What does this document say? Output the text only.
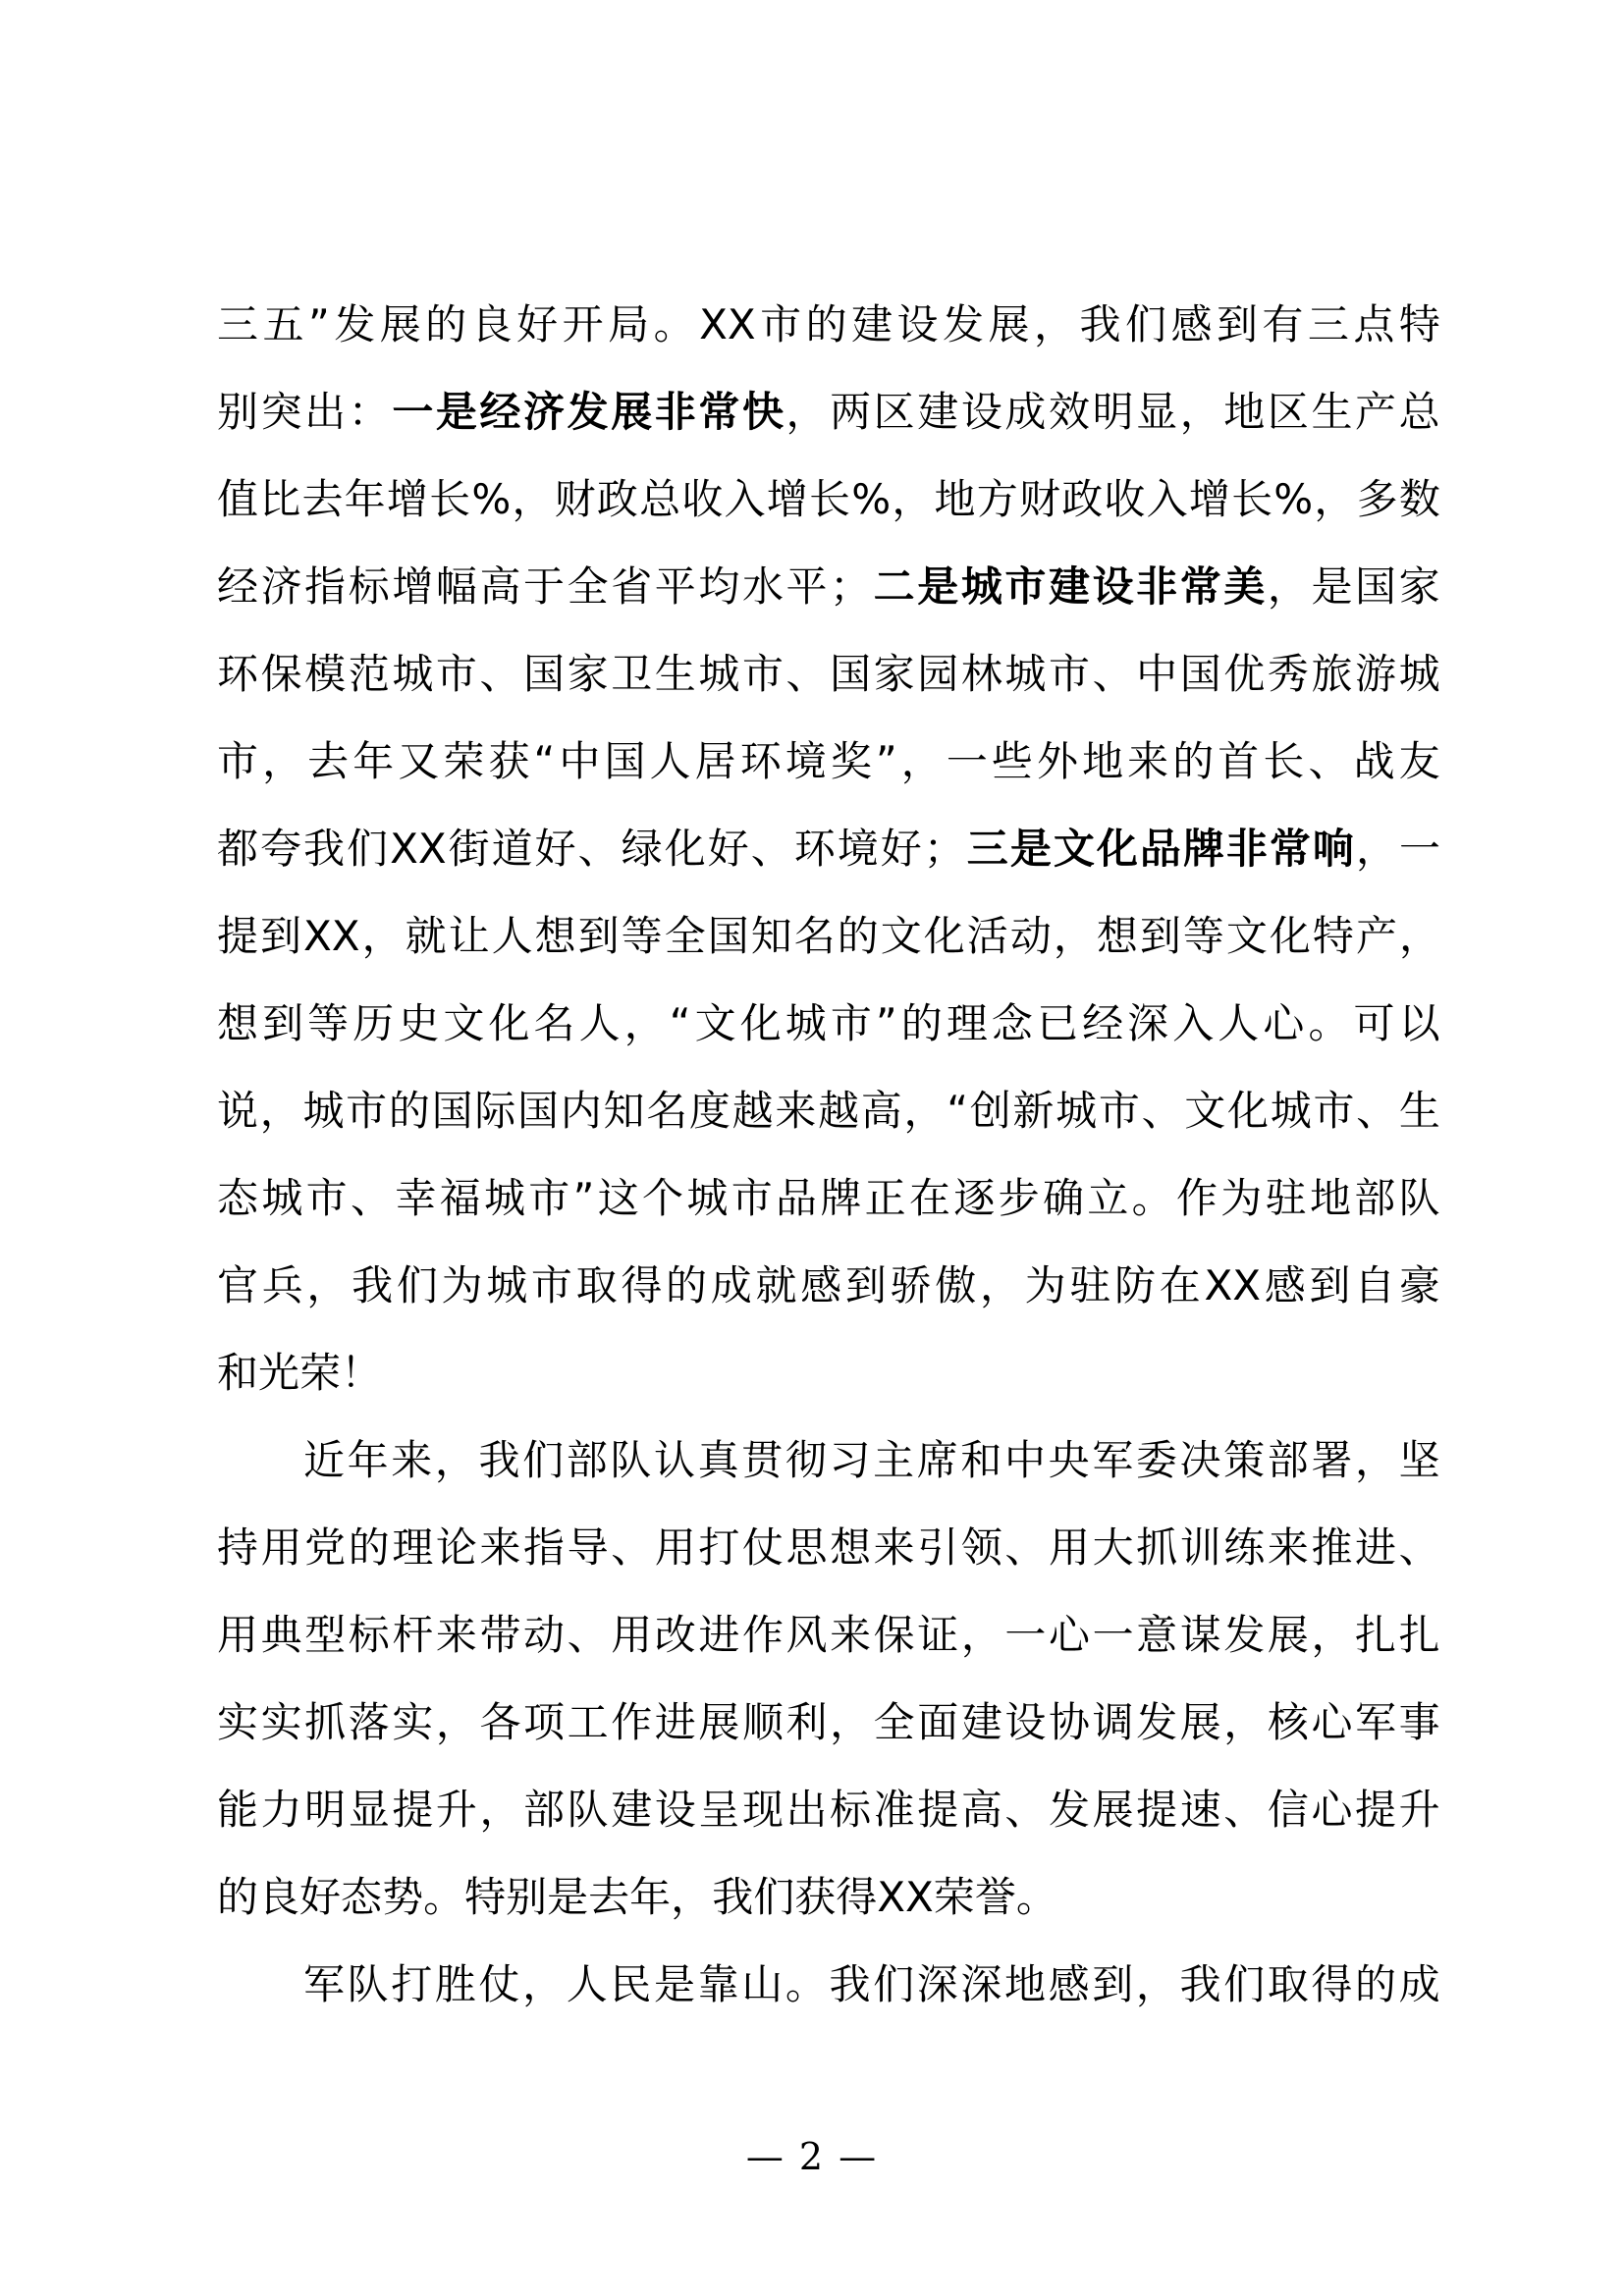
三 五 ” 发 展 的 良 好 开 局 。 XX 市 的 建 设 发 展 ， 我 们 感 到 有 三 点 特
别 突 出 ： 一 是 经 济 发 展 非 常 快 ， 两 区 建 设 成 效 明 显 ， 地 区 生 产 总
值 比 去 年 增 长 % ， 财 政 总 收 入 增 长 % ， 地 方 财 政 收 入 增 长 % ， 多 数
经 济 指 标 增 幅 高 于 全 省 平 均 水 平 ； 二 是 城 市 建 设 非 常 美 ， 是 国 家
环 保 模 范 城 市 、 国 家 卫 生 城 市 、 国 家 园 林 城 市 、 中 国 优 秀 旅 游 城
市 ， 去 年 又 荣 获 “ 中 国 人 居 环 境 奖 ” ， 一 些 外 地 来 的 首 长 、 战 友
都 夸 我 们 XX 街 道 好 、 绿 化 好 、 环 境 好 ； 三 是 文 化 品 牌 非 常 响 ， 一
提 到 XX ， 就 让 人 想 到 等 全 国 知 名 的 文 化 活 动 ， 想 到 等 文 化 特 产 ，
想 到 等 历 史 文 化 名 人 ， “ 文 化 城 市 ” 的 理 念 已 经 深 入 人 心 。 可 以
说 ， 城 市 的 国 际 国 内 知 名 度 越 来 越 高 ， “ 创 新 城 市 、 文 化 城 市 、 生
态 城 市 、 幸 福 城 市 ” 这 个 城 市 品 牌 正 在 逐 步 确 立 。 作 为 驻 地 部 队
官 兵 ， 我 们 为 城 市 取 得 的 成 就 感 到 骄 傲 ， 为 驻 防 在 XX 感 到 自 豪
和 光 荣 ！
近 年 来 ， 我 们 部 队 认 真 贯 彻 习 主 席 和 中 央 军 委 决 策 部 署 ， 坚
持 用 党 的 理 论 来 指 导 、 用 打 仗 思 想 来 引 领 、 用 大 抓 训 练 来 推 进 、
用 典 型 标 杆 来 带 动 、 用 改 进 作 风 来 保 证 ， 一 心 一 意 谋 发 展 ， 扎 扎
实 实 抓 落 实 ， 各 项 工 作 进 展 顺 利 ， 全 面 建 设 协 调 发 展 ， 核 心 军 事
能 力 明 显 提 升 ， 部 队 建 设 呈 现 出 标 准 提 高 、 发 展 提 速 、 信 心 提 升
的 良 好 态 势 。 特 别 是 去 年 ， 我 们 获 得 XX 荣 誉 。
军 队 打 胜 仗 ， 人 民 是 靠 山 。 我 们 深 深 地 感 到 ， 我 们 取 得 的 成
— 2 —
